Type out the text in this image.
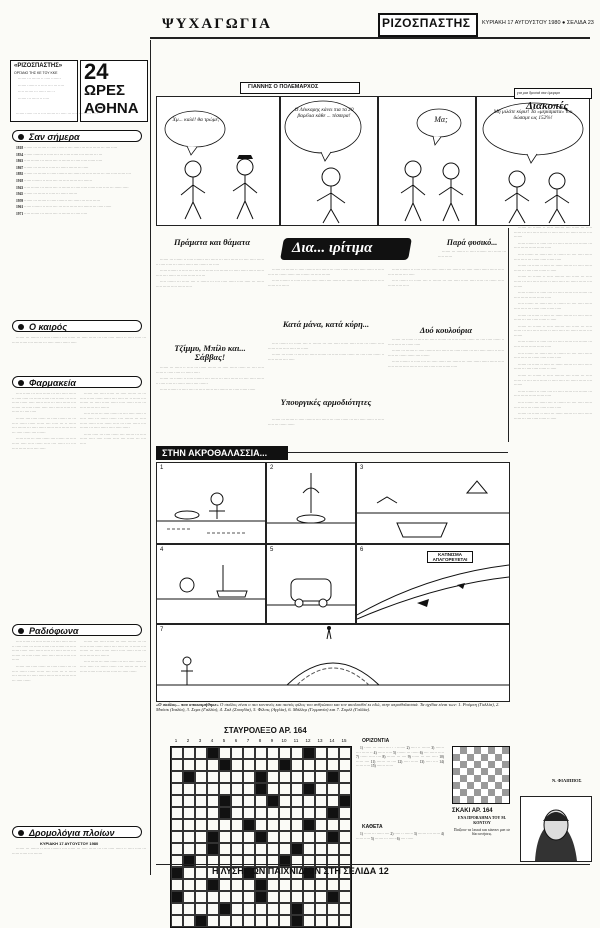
ΨΥΧΑΓΩΓΙΑ	ΡΙΖΟΣΠΑΣΤΗΣ ΚΥΡΙΑΚΗ 17 ΑΥΓΟΥΣΤΟΥ 1980 ● ΣΕΛΙΔΑ 23
«ΡΙΖΟΣΠΑΣΤΗΣ»
ΟΡΓΑΝΟ ΤΗΣ ΚΕ ΤΟΥ ΚΚΕ

······· ··· ······· ·· ····· ········

······· ········ ·· ····· ···· ··· ·····

····· ······· ··· ······ ···· ··

······· ··· ······ ·· ·····

24
ΩΡΕΣ
ΑΘΗΝΑ

······· ······ ··· ·· ···· ······· ··· ····· ··· ····· ·········· ·····

Σαν σήμερα

1818 ······· ··· ······· ·· ····· ········ ···· ······ ··· ····· ······ ··· ···· ·····

1834 ······· ········ ·· ····· ···· ··· ····· ······ ···· ······· ··· ···

1863 ····· ······· ··· ······ ···· ·· ······· ··· ···· ····· ······ ·····

1867 ······· ··· ······ ·· ····· ··· ······ ······· ··· ·····

1892 ······· ··· ······· ·· ····· ········ ···· ······ ··· ····· ······ ··· ···· ····· ······ ····

1918 ······ ········ ·· ····· ···· ··· ····· ······ ···· ·······

1943 ····· ······· ··· ······ ···· ·· ······· ··· ···· ····· ······ ····· ····· ··· ······ ·····

1945 ······· ··· ······ ·· ····· ··· ······ ·······

1959 ······· ··· ······· ·· ····· ········ ···· ······ ··· ····· ······

1961 ······ ········ ·· ····· ···· ··· ····· ······ ···· ······· ··· ····· ······

1971 ····· ······· ··· ······ ···· ·· ······· ··· ···· ·····

Ο καιρός

······· ··· ······· ·· ····· ········ ···· ······ ··· ····· ······ ··· ···· ····· ······ ·· ····· ····· ··· ······ ······ ···· ······· ··· ····· ······ ······ ·····

Φαρμακεία

····· ······ ··· ····· ······ ··· ···· ····· ······ ·· ····· ····· ··· ······ ······ ···· ······· ··· ····· ······ ······ ····· ······ ····· ··· ····· ······ ···· ······· ··· ····· ······ ····· ····· ······ ····· ···· ······ ··· ···· ·····

······· ···· ····· ······ ··· ····· ······· ··· ··· ····· ······ ······ ······ ···· ····· ··· ·· ······ ···· ······· ··· ····· ······ ······ ····· ······ ····· ··· ····· ······ ···· ·······

······ ····· ··· ····· ······ ···· ······· ··· ····· ······ ····· ····· ······ ····· ···· ······ ··· ···· ····· ······ ····· ···· ·····

······· ···· ····· ······ ··· ····· ······· ··· ··· ····· ······ ······ ······ ···· ····· ··· ·· ······ ···· ······· ··· ····· ······ ······ ····· ······ ····· ··· ····· ······ ···· ·······

····· ······ ··· ····· ······ ··· ···· ····· ······ ·· ····· ····· ··· ······ ······ ···· ······· ··· ····· ······ ······ ····· ······ ····· ··· ····· ······ ···· ······· ··· ····· ······ ····· ····· ······

······ ····· ··· ····· ······ ···· ······· ··· ····· ······ ····· ····· ······ ····· ···· ······ ··· ···· ·····

Ραδιόφωνα

····· ······ ··· ····· ······ ··· ···· ····· ······ ·· ····· ····· ··· ······ ······ ···· ······· ··· ····· ······ ······ ····· ······ ····· ··· ····· ······ ···· ······· ··· ····· ······ ····· ····· ······ ····· ···· ······

······· ···· ····· ······ ··· ····· ······· ··· ··· ····· ······ ······ ······ ···· ····· ··· ·· ······ ···· ······· ··· ····· ······ ······ ····· ······ ····· ··· ····· ······

······· ···· ····· ······ ··· ····· ······· ··· ··· ····· ······ ······ ······ ···· ····· ··· ·· ······ ···· ······· ··· ····· ······ ······ ····· ······ ····· ··· ····· ······ ···· ·······

····· ······ ··· ····· ······ ··· ···· ····· ······ ·· ····· ····· ··· ······ ······ ···· ······· ··· ····· ······ ······ ····· ······ ····· ··· ····· ······

Δρομολόγια πλοίων
ΚΥΡΙΑΚΗ 17 ΑΥΓΟΥΣΤΟΥ 1980

······· ··· ······· ·· ····· ········ ···· ······ ··· ····· ······ ··· ···· ····· ······ ·· ····· ····· ··· ······ ······ ···· ·······

ΓΙΑΝΝΗΣ Ο ΠΟΛΕΜΑΡΧΟΣ
Χμ... καλέ! θα τρώμε;
Ο Λέκκαρης κάνει πια τα 20 βαρέλια κάθε ... τέσσερα!	Μα;
Μη μιλάτε κύριε! Τα «μερίσματα» του δώσαμε ως 152%!
για μια δροσιά στα όμορφα
Διακοπές

······· ··· ······· ·· ····· ········ ···· ······ ··· ····· ······ ··· ···· ····· ······ ·· ····· ····· ··· ······ ······ ···· ·······

······ ········ ·· ····· ···· ··· ····· ······ ···· ······· ··· ····· ······ ······ ······ ·····

····· ······· ··· ······ ···· ·· ······· ··· ···· ····· ······ ····· ····· ··· ······ ····· ······ ·····

······· ··· ······ ·· ····· ··· ······ ······· ··· ····· ······ ······ ··· ···· ····· ······ ·· ·····

······· ··· ······· ·· ····· ········ ···· ······ ··· ····· ······ ··· ···· ····· ······ ·· ····· ····· ··· ······ ······ ···· ·······

······ ········ ·· ····· ···· ··· ····· ······ ···· ······· ··· ····· ······ ······ ······ ·····

····· ······· ··· ······ ···· ·· ······· ··· ···· ····· ······ ····· ····· ··· ······ ····· ······ ·····

······· ··· ······ ·· ····· ··· ······ ······· ··· ····· ······ ······ ··· ···· ····· ······ ·· ·····

······· ··· ······· ·· ····· ········ ···· ······ ··· ····· ······ ··· ···· ····· ······ ·· ····· ····· ··· ······ ······ ···· ·······

······ ········ ·· ····· ···· ··· ····· ······ ···· ······· ··· ····· ······ ······ ······ ·····

····· ······· ··· ······ ···· ·· ······· ··· ···· ····· ······ ····· ····· ··· ······ ····· ······ ·····

······· ··· ······ ·· ····· ··· ······ ······· ··· ····· ······ ······ ··· ···· ····· ······ ·· ·····

······· ··· ······· ·· ····· ········ ···· ······ ··· ····· ······ ··· ···· ····· ······ ·· ····· ····· ··· ······ ······ ···· ·······

······ ········ ·· ····· ···· ··· ····· ······ ···· ······· ··· ····· ······ ······ ······ ·····

····· ······· ··· ······ ···· ·· ······· ··· ···· ····· ······ ····· ····· ··· ······ ····· ······ ·····

······· ··· ······ ·· ····· ··· ······ ······· ··· ····· ······ ······ ··· ···· ····· ······ ·· ·····

Ν. ΦΙΛΙΠΠΟΣ
Δια... ιρίτιμα
Πράματα και θάματα

······· ··· ······· ·· ····· ········ ···· ······ ··· ····· ······ ··· ···· ····· ······ ·· ····· ····· ··· ······ ······ ···· ······· ··· ·····

······ ········ ·· ····· ···· ··· ····· ······ ···· ······· ··· ····· ······ ······ ······ ····· ···· ······ ··· ····· ······ ···· ···

····· ······· ··· ······ ···· ·· ······· ··· ···· ····· ······ ····· ····· ··· ······ ····· ······ ····· ······ ·····

Τζίμμυ, Μπίλυ και... Σάββας!

······· ··· ······ ·· ····· ··· ······ ······· ··· ····· ······ ······ ··· ···· ····· ······ ·· ····· ····· ··· ······ ·····

······· ··· ······· ·· ····· ········ ···· ······ ··· ····· ······ ··· ···· ····· ······ ·· ····· ····· ··· ······ ······ ···· ·······

······ ········ ·· ····· ···· ··· ····· ······ ···· ······· ··· ····· ······ ······

······· ··· ······· ·· ····· ········ ···· ······ ··· ····· ······ ··· ···· ····· ······ ·· ····· ····· ··· ······ ······ ···· ······· ··· ····· ·······

······ ········ ·· ····· ···· ··· ····· ······ ···· ······· ··· ····· ······ ······ ······ ····· ······ ···· ······

Κατά μάνα, κατά κύρη...

····· ······· ··· ······ ···· ·· ······· ··· ···· ····· ······ ····· ····· ··· ······ ····· ······ ····· ····· ····· ··· ······

······· ··· ······ ·· ····· ··· ······ ······· ··· ····· ······ ······ ··· ···· ····· ······ ·· ····· ······ ···· ·····

Υπουργικές αρμοδιότητες

······· ··· ······· ·· ····· ········ ···· ······ ··· ····· ······ ··· ···· ····· ······ ·· ····· ····· ··· ······ ······

······ ········ ·· ····· ···· ··· ····· ······ ···· ······· ··· ····· ······ ······ ······ ····· ····· ······ ···· ·····

····· ······· ··· ······ ···· ·· ······· ··· ···· ····· ······ ····· ····· ··· ······ ····· ······ ····· ·····

Δυό κουλούρια

······· ··· ······ ·· ····· ··· ······ ······· ··· ····· ······ ······ ··· ···· ····· ······ ·· ····· ····· ··· ······ ·····

······· ··· ······· ·· ····· ········ ···· ······ ··· ····· ······ ··· ···· ····· ······ ·· ····· ····· ··· ······ ······ ···· ·······

······ ········ ·· ····· ···· ··· ····· ······ ···· ······· ··· ····· ······ ······ ······ ····· ····· ······ ····· ······ ···· ···· ····· ····· ······ ·····

Παρά φυσικό...

······· ··· ······· ·· ····· ········ ···· ······ ··· ····· ······

ΣΤΗΝ ΑΚΡΟΘΑΛΑΣΣΙΑ...
1	2	3
4	5	6
ΚΑΠΝΙΣΜΑ ΑΠΑΓΟΡΕΥΕΤΑΙ
7
«Ο σκύλος... που αποκοιμήθηκε» Ο σκύλος είναι ο πιο κοντινός και πιστός φίλος του ανθρώπου και τον ακολουθεί κι εδώ, στην ακροθαλασσιά. Τα σχέδια είναι των: 1. Ρούμπη (Γαλλία), 2. Μπόσκ (Ιταλία), 3. Σεμπ (Γαλλία), 4. Σαλ (Σουηδία), 5. Φίλιπς (Αγγλία), 6. Μάλλερ (Γερμανία) και 7. Σορέλ (Γαλλία).
ΣΤΑΥΡΟΛΕΞΟ ΑΡ. 164
1	2	3	4	5	6	7	8	9	10	11	12	13	14	15	ΟΡΙΖΟΝΤΙΑ

1) ······ ··· ······ ···· · · ······· 2) ····· ·· ······· 3) ······· ···· ······ ·· 4) ······ ····· 5) ······· ··· ······ 6) ···· ······ ····· 7) ······ ····· ···· 8) ······· ··· ···· 9) ······ ··· ···· ····· 10) ······ ···· 11) ······· ··· ···· 12) ····· ······ 13) ····· ···· 14) ······ ····· 15) ······· ······

ΚΑΘΕΤΑ

1) ······ ··· ······ ···· 2) ····· ·· ······· 3) ······· ···· ······ 4) ······ ····· 5) ······· ··· ······ 6) ···· ······

ΣΚΑΚΙ ΑΡ. 164
ΕΝΑ ΠΡΟΒΛΗΜΑ ΤΟΥ Μ. ΚΟΝΤΟΥ
Παίζουν τα λευκά και κάνουν ματ σε δύο κινήσεις.
Η ΛΥΣΗ ΤΩΝ ΠΑΙΧΝΙΔΙΩΝ ΣΤΗ ΣΕΛΙΔΑ 12
